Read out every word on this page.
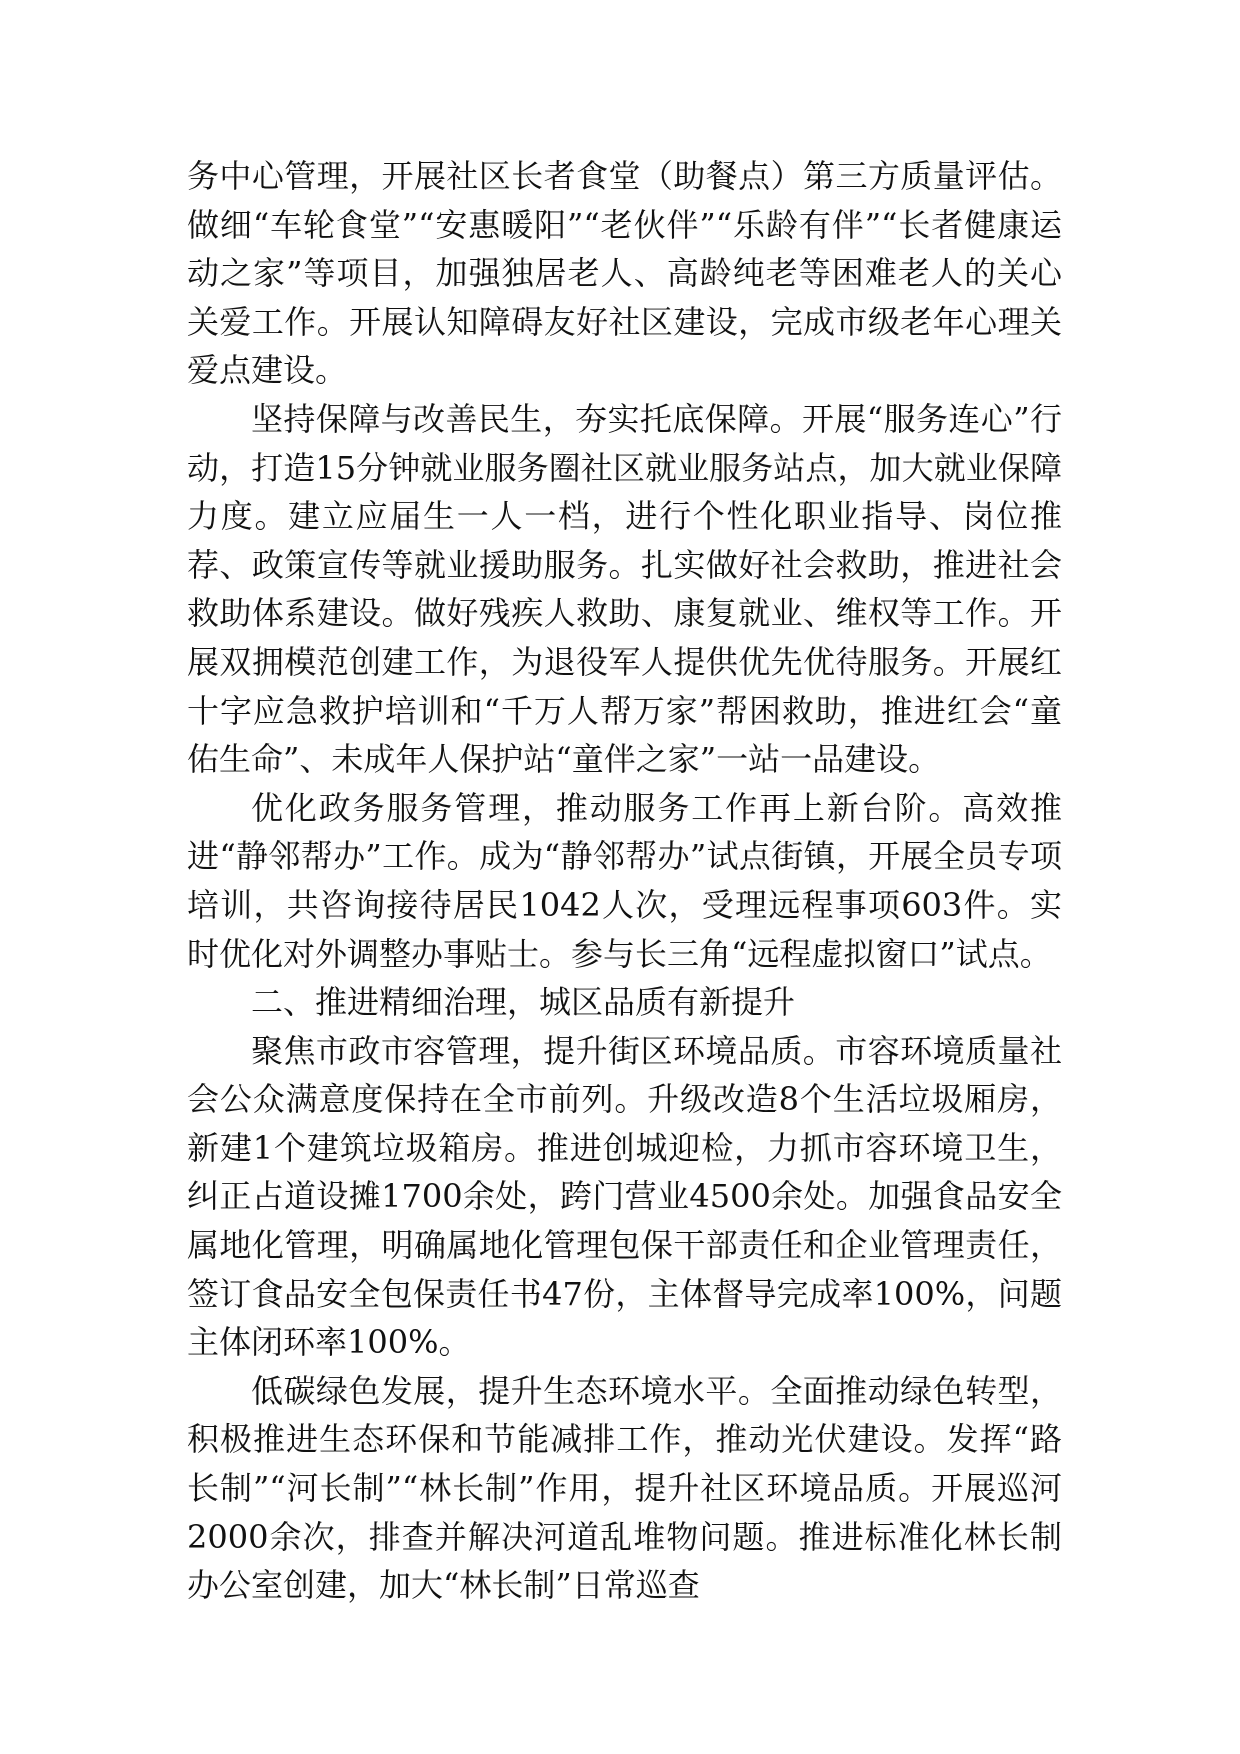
务中心管理，开展社区长者食堂（助餐点）第三方质量评估。做细“车轮食堂”“安惠暖阳”“老伙伴”“乐龄有伴”“长者健康运动之家”等项目，加强独居老人、高龄纯老等困难老人的关心关爱工作。开展认知障碍友好社区建设，完成市级老年心理关爱点建设。

坚持保障与改善民生，夯实托底保障。开展“服务连心”行动，打造15分钟就业服务圈社区就业服务站点，加大就业保障力度。建立应届生一人一档，进行个性化职业指导、岗位推荐、政策宣传等就业援助服务。扎实做好社会救助，推进社会救助体系建设。做好残疾人救助、康复就业、维权等工作。开展双拥模范创建工作，为退役军人提供优先优待服务。开展红十字应急救护培训和“千万人帮万家”帮困救助，推进红会“童佑生命”、未成年人保护站“童伴之家”一站一品建设。

优化政务服务管理，推动服务工作再上新台阶。高效推进“静邻帮办”工作。成为“静邻帮办”试点街镇，开展全员专项培训，共咨询接待居民1042人次，受理远程事项603件。实时优化对外调整办事贴士。参与长三角“远程虚拟窗口”试点。

二、推进精细治理，城区品质有新提升

聚焦市政市容管理，提升街区环境品质。市容环境质量社会公众满意度保持在全市前列。升级改造8个生活垃圾厢房，新建1个建筑垃圾箱房。推进创城迎检，力抓市容环境卫生，纠正占道设摊1700余处，跨门营业4500余处。加强食品安全属地化管理，明确属地化管理包保干部责任和企业管理责任，签订食品安全包保责任书47份，主体督导完成率100%，问题主体闭环率100%。

低碳绿色发展，提升生态环境水平。全面推动绿色转型，积极推进生态环保和节能减排工作，推动光伏建设。发挥“路长制”“河长制”“林长制”作用，提升社区环境品质。开展巡河2000余次，排查并解决河道乱堆物问题。推进标准化林长制办公室创建，加大“林长制”日常巡查
